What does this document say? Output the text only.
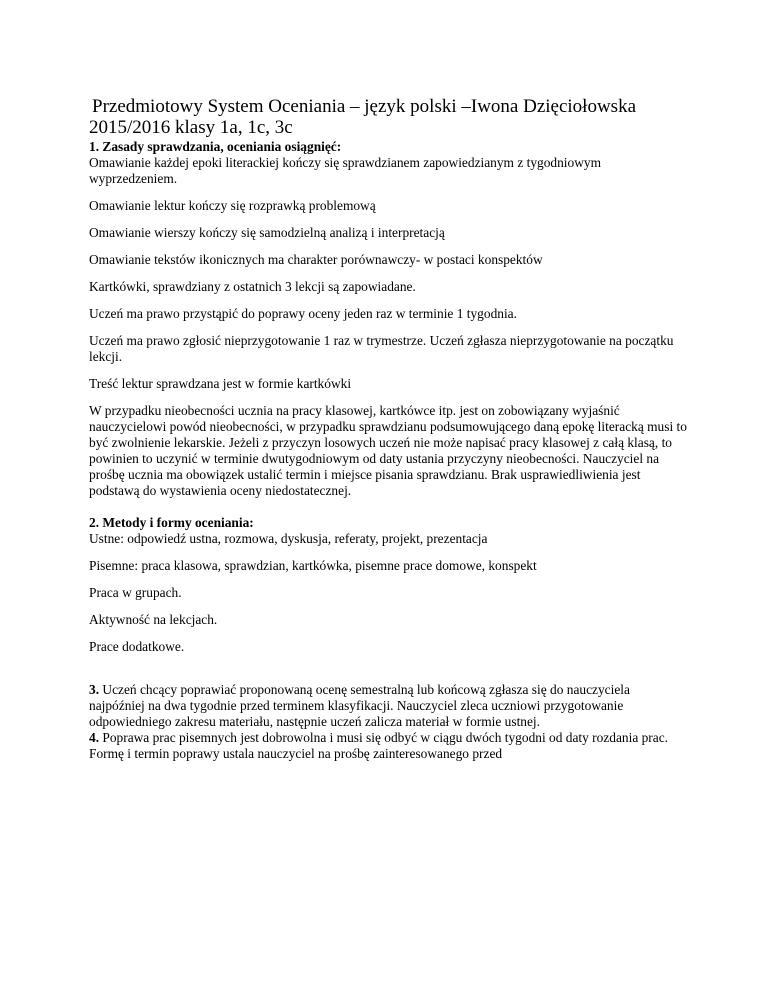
Przedmiotowy System Oceniania – język polski –Iwona Dzięciołowska
2015/2016 klasy 1a, 1c, 3c
1. Zasady sprawdzania, oceniania osiągnięć:

Omawianie każdej epoki literackiej kończy się sprawdzianem zapowiedzianym z tygodniowym wyprzedzeniem.

Omawianie lektur kończy się rozprawką problemową

Omawianie wierszy kończy się samodzielną analizą i interpretacją

Omawianie tekstów ikonicznych ma charakter porównawczy- w postaci konspektów

Kartkówki, sprawdziany z ostatnich 3 lekcji są zapowiadane.

Uczeń ma prawo przystąpić do poprawy oceny jeden raz w terminie 1 tygodnia.

Uczeń ma prawo zgłosić nieprzygotowanie 1 raz w trymestrze. Uczeń zgłasza nieprzygotowanie na początku lekcji.

Treść lektur sprawdzana jest w formie kartkówki

W przypadku nieobecności ucznia na pracy klasowej, kartkówce itp. jest on zobowiązany wyjaśnić nauczycielowi powód nieobecności, w przypadku sprawdzianu podsumowującego daną epokę literacką musi to być zwolnienie lekarskie. Jeżeli z przyczyn losowych uczeń nie może napisać pracy klasowej z całą klasą, to powinien to uczynić w terminie dwutygodniowym od daty ustania przyczyny nieobecności. Nauczyciel na prośbę ucznia ma obowiązek ustalić termin i miejsce pisania sprawdzianu. Brak usprawiedliwienia jest podstawą do wystawienia oceny niedostatecznej.

2. Metody i formy oceniania:

Ustne: odpowiedź ustna, rozmowa, dyskusja, referaty, projekt, prezentacja

Pisemne: praca klasowa, sprawdzian, kartkówka, pisemne prace domowe, konspekt

Praca w grupach.

Aktywność na lekcjach.

Prace dodatkowe.

3. Uczeń chcący poprawiać proponowaną ocenę semestralną lub końcową zgłasza się do nauczyciela najpóźniej na dwa tygodnie przed terminem klasyfikacji. Nauczyciel zleca uczniowi przygotowanie odpowiedniego zakresu materiału, następnie uczeń zalicza materiał w formie ustnej.

4. Poprawa prac pisemnych jest dobrowolna i musi się odbyć w ciągu dwóch tygodni od daty rozdania prac. Formę i termin poprawy ustala nauczyciel na prośbę zainteresowanego przed
